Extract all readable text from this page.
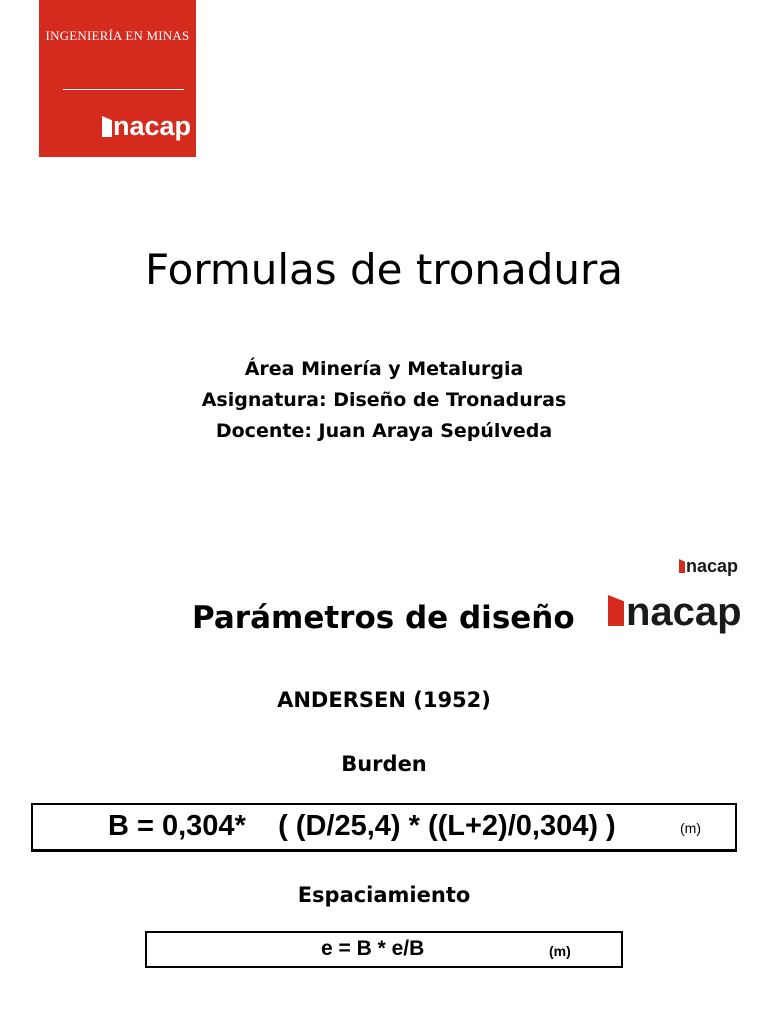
INGENIERÍA EN MINAS
nacap
Formulas de tronadura
Área Minería y Metalurgia
Asignatura: Diseño de Tronaduras
Docente: Juan Araya Sepúlveda
nacap
Parámetros de diseño nacap
ANDERSEN (1952)
Burden
B = 0,304*    ( (D/25,4) * ((L+2)/0,304) )	(m)
Espaciamiento
e = B * e/B	(m)
